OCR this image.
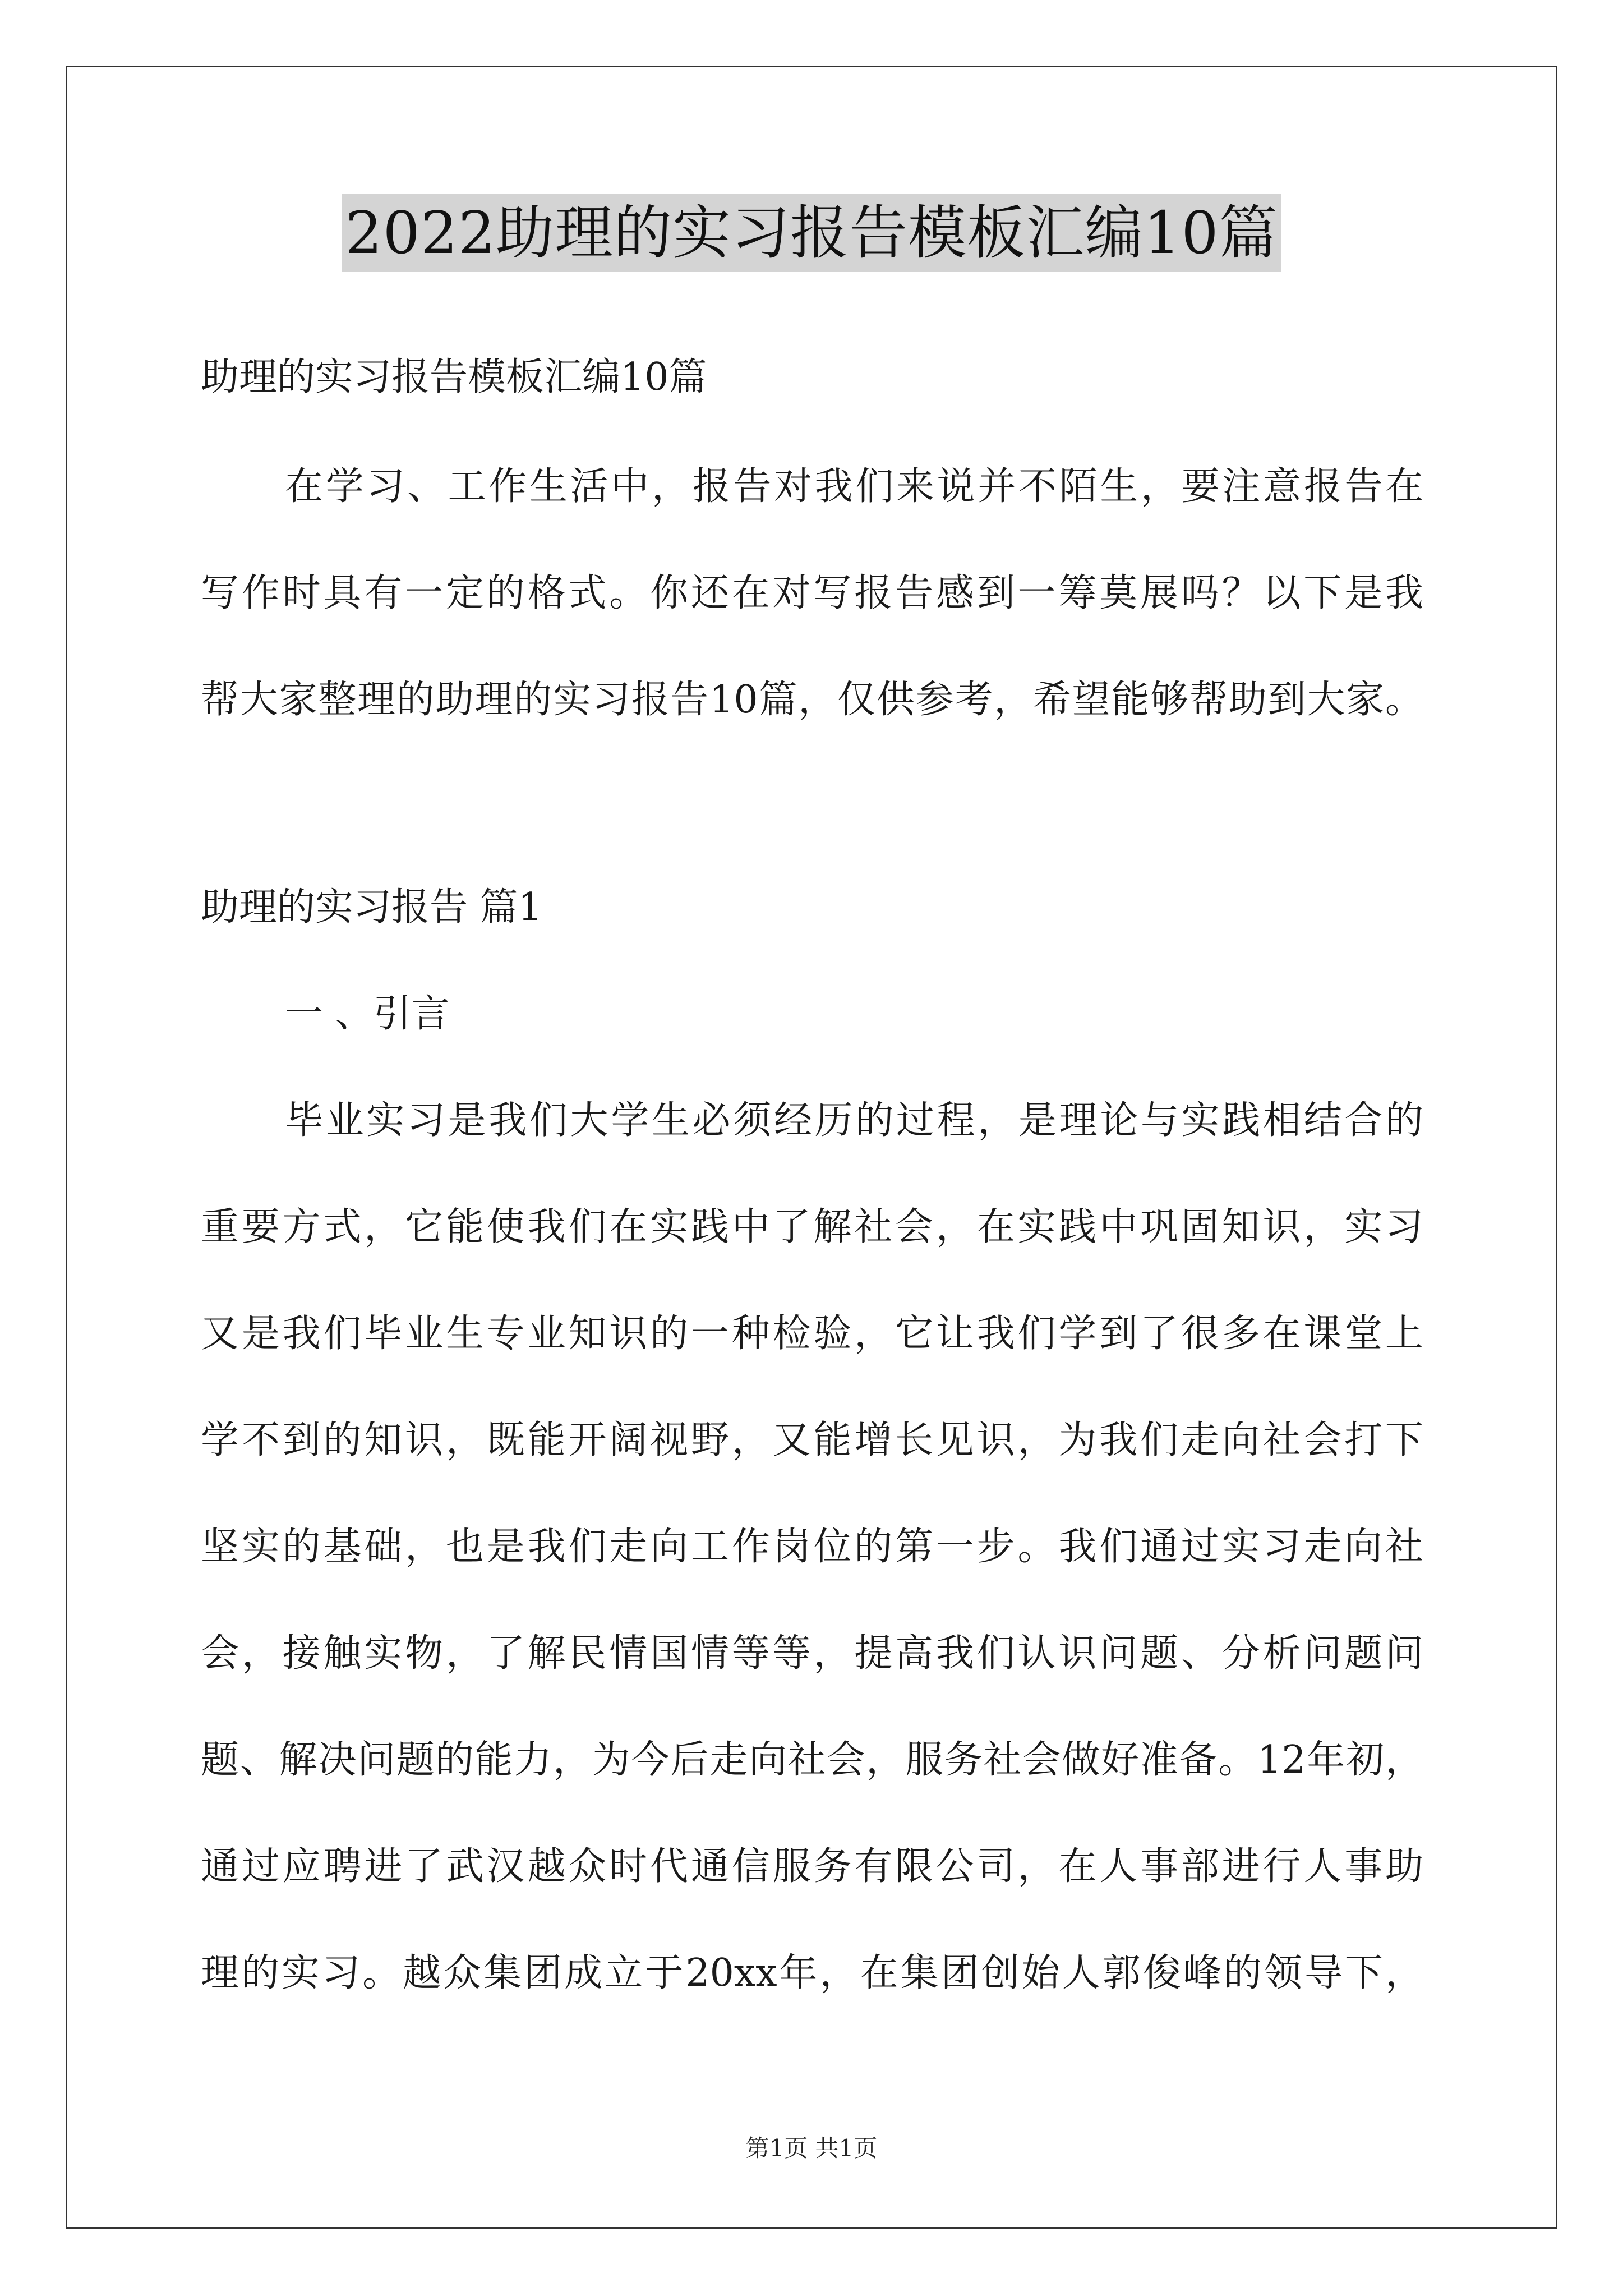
2022助理的实习报告模板汇编10篇
助理的实习报告模板汇编10篇
在学习、工作生活中，报告对我们来说并不陌生，要注意报告在
写作时具有一定的格式。你还在对写报告感到一筹莫展吗？以下是我
帮大家整理的助理的实习报告10篇，仅供参考，希望能够帮助到大家。
助理的实习报告 篇1
一 、引言
毕业实习是我们大学生必须经历的过程，是理论与实践相结合的
重要方式，它能使我们在实践中了解社会，在实践中巩固知识，实习
又是我们毕业生专业知识的一种检验，它让我们学到了很多在课堂上
学不到的知识，既能开阔视野，又能增长见识，为我们走向社会打下
坚实的基础，也是我们走向工作岗位的第一步。我们通过实习走向社
会，接触实物，了解民情国情等等，提高我们认识问题、分析问题问
题、解决问题的能力，为今后走向社会，服务社会做好准备。12年初，
通过应聘进了武汉越众时代通信服务有限公司，在人事部进行人事助
理的实习。越众集团成立于20xx年，在集团创始人郭俊峰的领导下，
第1页 共1页
